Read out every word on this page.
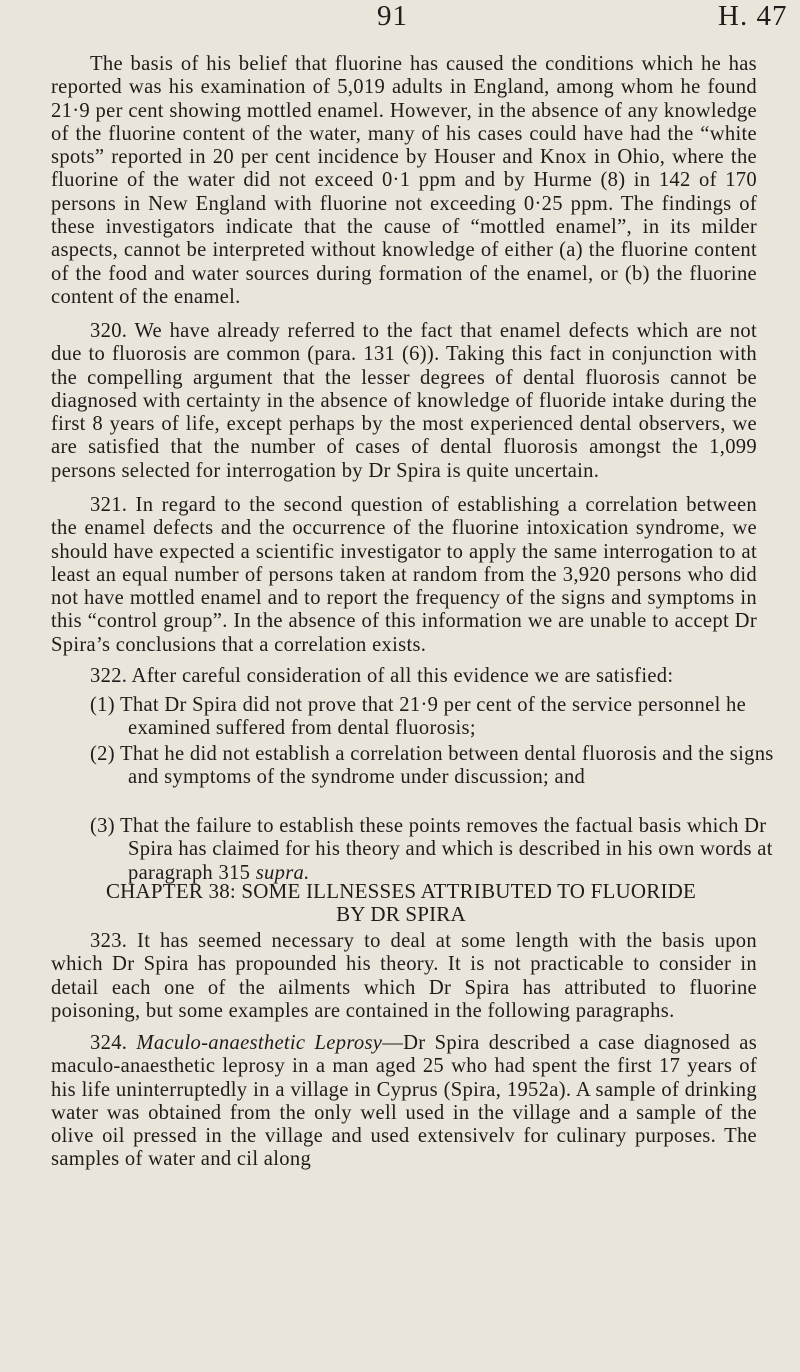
91	H. 47

The basis of his belief that fluorine has caused the conditions which he has reported was his examination of 5,019 adults in England, among whom he found 21·9 per cent showing mottled enamel. However, in the absence of any knowledge of the fluorine content of the water, many of his cases could have had the “white spots” reported in 20 per cent incidence by Houser and Knox in Ohio, where the fluorine of the water did not exceed 0·1 ppm and by Hurme (8) in 142 of 170 persons in New England with fluorine not exceeding 0·25 ppm. The findings of these investigators indicate that the cause of “mottled enamel”, in its milder aspects, cannot be interpreted without knowledge of either (a) the fluorine content of the food and water sources during formation of the enamel, or (b) the fluorine content of the enamel.

320. We have already referred to the fact that enamel defects which are not due to fluorosis are common (para. 131 (6)). Taking this fact in conjunction with the compelling argument that the lesser degrees of dental fluorosis cannot be diagnosed with certainty in the absence of knowledge of fluoride intake during the first 8 years of life, except perhaps by the most experienced dental observers, we are satisfied that the number of cases of dental fluorosis amongst the 1,099 persons selected for interrogation by Dr Spira is quite uncertain.

321. In regard to the second question of establishing a correlation between the enamel defects and the occurrence of the fluorine intoxication syndrome, we should have expected a scientific investigator to apply the same interrogation to at least an equal number of persons taken at random from the 3,920 persons who did not have mottled enamel and to report the frequency of the signs and symptoms in this “control group”. In the absence of this information we are unable to accept Dr Spira’s conclusions that a correlation exists.

322. After careful consideration of all this evidence we are satisfied:

(1) That Dr Spira did not prove that 21·9 per cent of the service personnel he examined suffered from dental fluorosis;
(2) That he did not establish a correlation between dental fluorosis and the signs and symptoms of the syndrome under discussion; and
(3) That the failure to establish these points removes the factual basis which Dr Spira has claimed for his theory and which is described in his own words at paragraph 315 supra.
CHAPTER 38: SOME ILLNESSES ATTRIBUTED TO FLUORIDE
BY DR SPIRA

323. It has seemed necessary to deal at some length with the basis upon which Dr Spira has propounded his theory. It is not practicable to consider in detail each one of the ailments which Dr Spira has attributed to fluorine poisoning, but some examples are contained in the following paragraphs.

324. Maculo-anaesthetic Leprosy—Dr Spira described a case diagnosed as maculo-anaesthetic leprosy in a man aged 25 who had spent the first 17 years of his life uninterruptedly in a village in Cyprus (Spira, 1952a). A sample of drinking water was obtained from the only well used in the village and a sample of the olive oil pressed in the village and used extensivelv for culinary purposes. The samples of water and cil along
